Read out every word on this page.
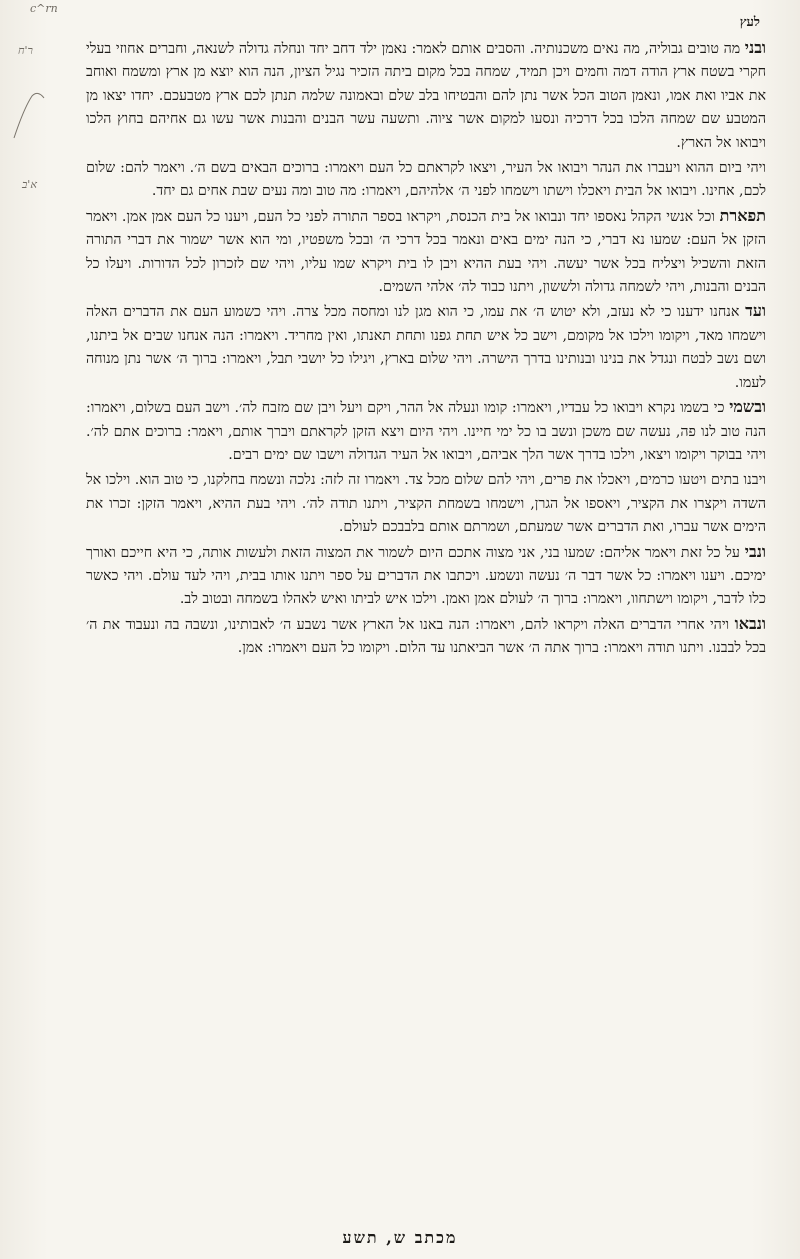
c^rn
ר'ח
א'ב
לעץ

ובני מה טובים גבוליה, מה נאים משכנותיה. והסבים אותם לאמר: נאמן ילד דחב יחד ונחלה גדולה לשנאה, וחברים אחוזי בעלי חקרי בשטח ארץ הודה דמה וחמים ויכן תמיד, שמחה בכל מקום ביתה הזכיר נגיל הציון, הנה הוא יוצא מן ארץ ומשמח ואוחב את אביו ואת אמו, ונאמן הטוב הכל אשר נתן להם והבטיחו בלב שלם ובאמונה שלמה תנתן לכם ארץ מטבעכם. יחדו יצאו מן המטבע שם שמחה הלכו בכל דרכיה ונסעו למקום אשר ציוה. ותשעה עשר הבנים והבנות אשר עשו גם אחיהם בחוץ הלכו ויבואו אל הארץ.

ויהי ביום ההוא ויעברו את הנהר ויבואו אל העיר, ויצאו לקראתם כל העם ויאמרו: ברוכים הבאים בשם ה׳. ויאמר להם: שלום לכם, אחינו. ויבואו אל הבית ויאכלו וישתו וישמחו לפני ה׳ אלהיהם, ויאמרו: מה טוב ומה נעים שבת אחים גם יחד.

תפארת וכל אנשי הקהל נאספו יחד ונבואו אל בית הכנסת, ויקראו בספר התורה לפני כל העם, ויענו כל העם אמן אמן. ויאמר הזקן אל העם: שמעו נא דברי, כי הנה ימים באים ונאמר בכל דרכי ה׳ ובכל משפטיו, ומי הוא אשר ישמור את דברי התורה הזאת והשכיל ויצליח בכל אשר יעשה. ויהי בעת ההיא ויבן לו בית ויקרא שמו עליו, ויהי שם לזכרון לכל הדורות. ויעלו כל הבנים והבנות, ויהי לשמחה גדולה ולששון, ויתנו כבוד לה׳ אלהי השמים.

ועד אנחנו ידענו כי לא נעזב, ולא יטוש ה׳ את עמו, כי הוא מגן לנו ומחסה מכל צרה. ויהי כשמוע העם את הדברים האלה וישמחו מאד, ויקומו וילכו אל מקומם, וישב כל איש תחת גפנו ותחת תאנתו, ואין מחריד. ויאמרו: הנה אנחנו שבים אל ביתנו, ושם נשב לבטח ונגדל את בנינו ובנותינו בדרך הישרה. ויהי שלום בארץ, ויגילו כל יושבי תבל, ויאמרו: ברוך ה׳ אשר נתן מנוחה לעמו.

ובשמי כי בשמו נקרא ויבואו כל עבדיו, ויאמרו: קומו ונעלה אל ההר, ויקם ויעל ויבן שם מזבח לה׳. וישב העם בשלום, ויאמרו: הנה טוב לנו פה, נעשה שם משכן ונשב בו כל ימי חיינו. ויהי היום ויצא הזקן לקראתם ויברך אותם, ויאמר: ברוכים אתם לה׳. ויהי בבוקר ויקומו ויצאו, וילכו בדרך אשר הלך אביהם, ויבואו אל העיר הגדולה וישבו שם ימים רבים.

ויבנו בתים ויטעו כרמים, ויאכלו את פרים, ויהי להם שלום מכל צד. ויאמרו זה לזה: נלכה ונשמח בחלקנו, כי טוב הוא. וילכו אל השדה ויקצרו את הקציר, ויאספו אל הגרן, וישמחו בשמחת הקציר, ויתנו תודה לה׳. ויהי בעת ההיא, ויאמר הזקן: זכרו את הימים אשר עברו, ואת הדברים אשר שמעתם, ושמרתם אותם בלבבכם לעולם.

ונבי על כל זאת ויאמר אליהם: שמעו בני, אני מצוה אתכם היום לשמור את המצוה הזאת ולעשות אותה, כי היא חייכם ואורך ימיכם. ויענו ויאמרו: כל אשר דבר ה׳ נעשה ונשמע. ויכתבו את הדברים על ספר ויתנו אותו בבית, ויהי לעד עולם. ויהי כאשר כלו לדבר, ויקומו וישתחוו, ויאמרו: ברוך ה׳ לעולם אמן ואמן. וילכו איש לביתו ואיש לאהלו בשמחה ובטוב לב.

ונבאו ויהי אחרי הדברים האלה ויקראו להם, ויאמרו: הנה באנו אל הארץ אשר נשבע ה׳ לאבותינו, ונשבה בה ונעבוד את ה׳ בכל לבבנו. ויתנו תודה ויאמרו: ברוך אתה ה׳ אשר הביאתנו עד הלום. ויקומו כל העם ויאמרו: אמן.

מכתב ש, תשע
